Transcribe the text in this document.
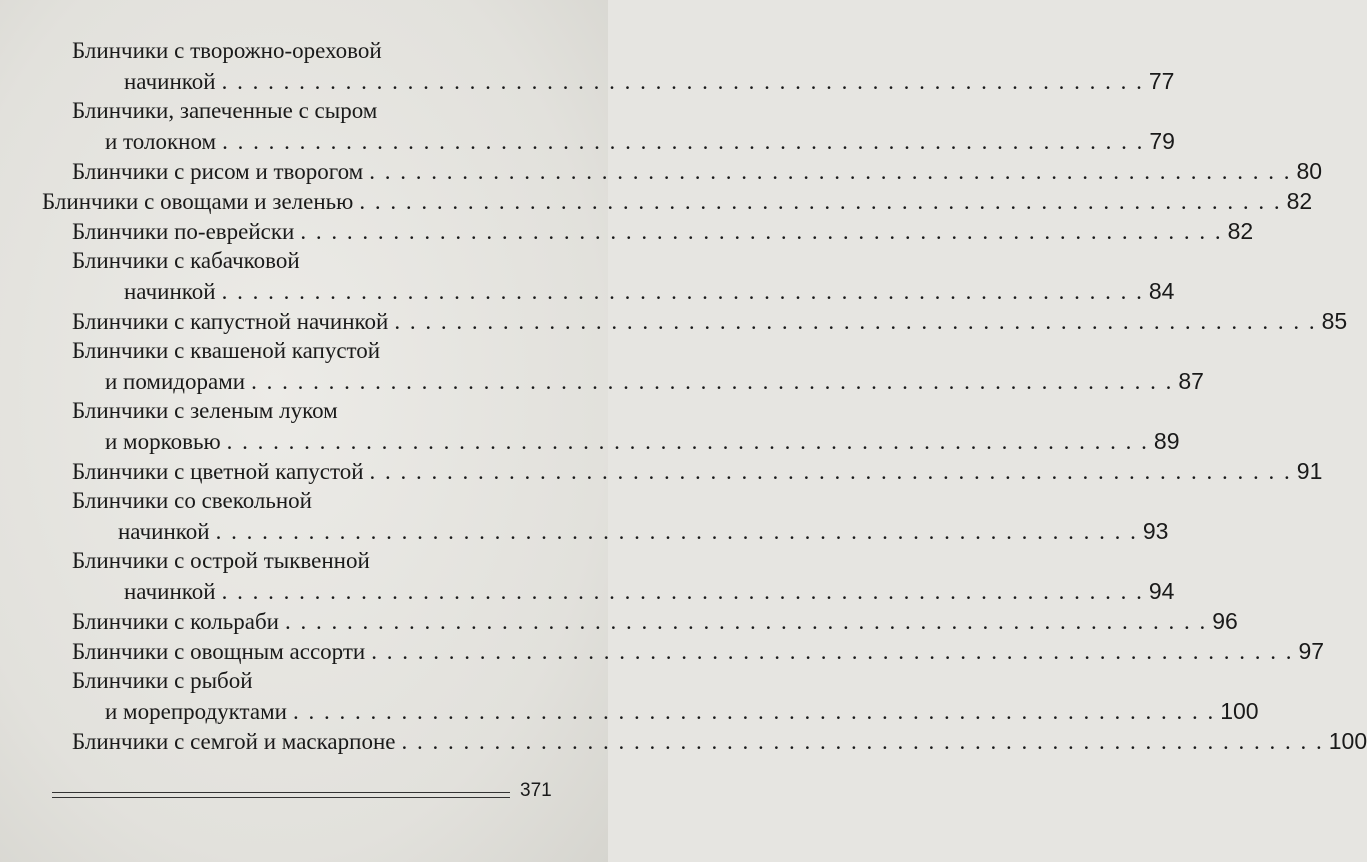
Блинчики с творожно-ореховой
начинкой . . . . . . . . . . . . . . . . . . . . . . . . . . . . . . . . . . . . . . . . . . . . . . . . . . . . . . . . . . . . 77
Блинчики, запеченные с сыром
и толокном . . . . . . . . . . . . . . . . . . . . . . . . . . . . . . . . . . . . . . . . . . . . . . . . . . . . . . . . . . . . 79
Блинчики с рисом и творогом . . . . . . . . . . . . . . . . . . . . . . . . . . . . . . . . . . . . . . . . . . . . . . . . . . . . . . . . . . . . 80
Блинчики с овощами и зеленью . . . . . . . . . . . . . . . . . . . . . . . . . . . . . . . . . . . . . . . . . . . . . . . . . . . . . . . . . . . . 82
Блинчики по-еврейски . . . . . . . . . . . . . . . . . . . . . . . . . . . . . . . . . . . . . . . . . . . . . . . . . . . . . . . . . . . . 82
Блинчики с кабачковой
начинкой . . . . . . . . . . . . . . . . . . . . . . . . . . . . . . . . . . . . . . . . . . . . . . . . . . . . . . . . . . . . 84
Блинчики с капустной начинкой . . . . . . . . . . . . . . . . . . . . . . . . . . . . . . . . . . . . . . . . . . . . . . . . . . . . . . . . . . . . 85
Блинчики с квашеной капустой
и помидорами . . . . . . . . . . . . . . . . . . . . . . . . . . . . . . . . . . . . . . . . . . . . . . . . . . . . . . . . . . . . 87
Блинчики с зеленым луком
и морковью . . . . . . . . . . . . . . . . . . . . . . . . . . . . . . . . . . . . . . . . . . . . . . . . . . . . . . . . . . . . 89
Блинчики с цветной капустой . . . . . . . . . . . . . . . . . . . . . . . . . . . . . . . . . . . . . . . . . . . . . . . . . . . . . . . . . . . . 91
Блинчики со свекольной
начинкой . . . . . . . . . . . . . . . . . . . . . . . . . . . . . . . . . . . . . . . . . . . . . . . . . . . . . . . . . . . . 93
Блинчики с острой тыквенной
начинкой . . . . . . . . . . . . . . . . . . . . . . . . . . . . . . . . . . . . . . . . . . . . . . . . . . . . . . . . . . . . 94
Блинчики с кольраби . . . . . . . . . . . . . . . . . . . . . . . . . . . . . . . . . . . . . . . . . . . . . . . . . . . . . . . . . . . . 96
Блинчики с овощным ассорти . . . . . . . . . . . . . . . . . . . . . . . . . . . . . . . . . . . . . . . . . . . . . . . . . . . . . . . . . . . . 97
Блинчики с рыбой
и морепродуктами . . . . . . . . . . . . . . . . . . . . . . . . . . . . . . . . . . . . . . . . . . . . . . . . . . . . . . . . . . . . 100
Блинчики с семгой и маскарпоне . . . . . . . . . . . . . . . . . . . . . . . . . . . . . . . . . . . . . . . . . . . . . . . . . . . . . . . . . . . . 100
371
